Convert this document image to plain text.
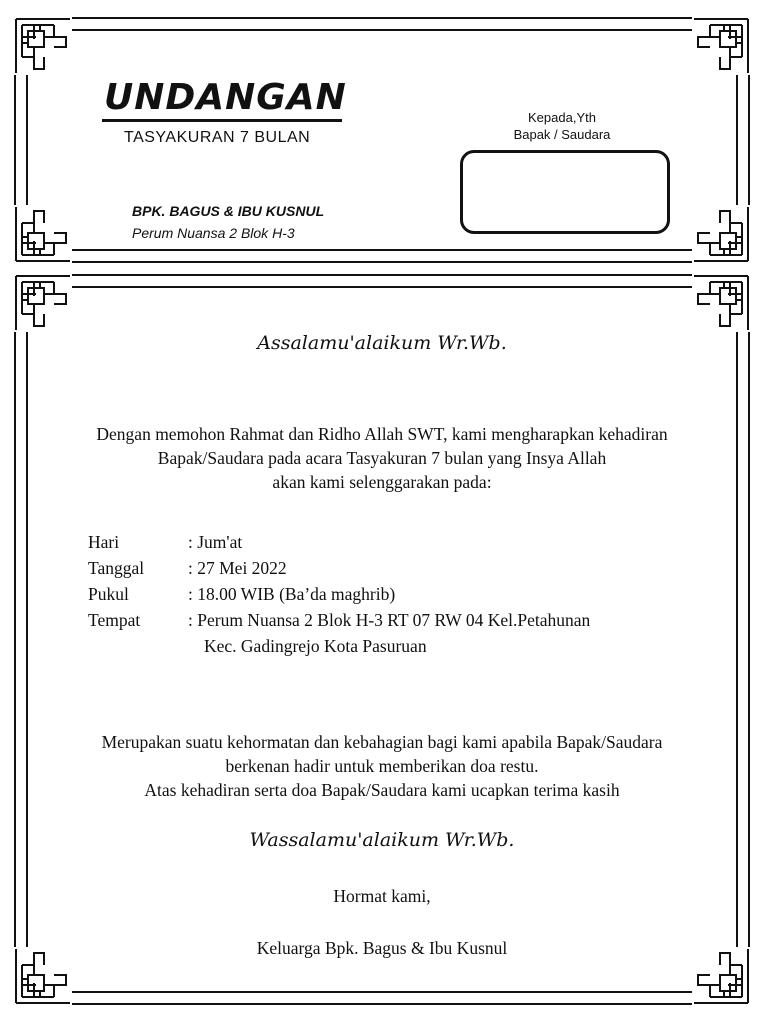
UNDANGAN
TASYAKURAN 7 BULAN
BPK. BAGUS & IBU KUSNUL
Perum Nuansa 2 Blok H-3
Kepada,Yth
Bapak / Saudara
Assalamu'alaikum Wr.Wb.
Dengan memohon Rahmat dan Ridho Allah SWT, kami mengharapkan kehadiran
Bapak/Saudara pada acara Tasyakuran 7 bulan yang Insya Allah
akan kami selenggarakan pada:
Hari	: Jum'at
Tanggal	: 27 Mei 2022
Pukul	: 18.00 WIB (Ba’da maghrib)
Tempat	: Perum Nuansa 2 Blok H-3 RT 07 RW 04 Kel.Petahunan
Kec. Gadingrejo Kota Pasuruan
Merupakan suatu kehormatan dan kebahagian bagi kami apabila Bapak/Saudara
berkenan hadir untuk memberikan doa restu.
Atas kehadiran serta doa Bapak/Saudara kami ucapkan terima kasih
Wassalamu'alaikum Wr.Wb.
Hormat kami,
Keluarga Bpk. Bagus & Ibu Kusnul
